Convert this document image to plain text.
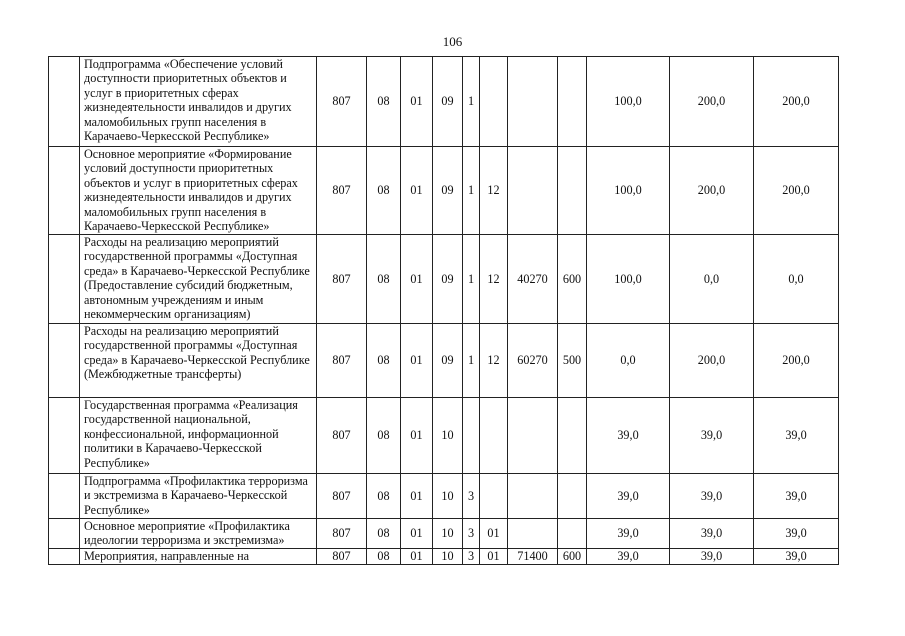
106
	Подпрограмма «Обеспечение условий доступности приоритетных объектов и услуг в приоритетных сферах жизнедеятельности инвалидов и других маломобильных групп населения в Карачаево-Черкесской Республике»	807	08	01	09	1				100,0	200,0	200,0
	Основное мероприятие «Формирование условий доступности приоритетных объектов и услуг в приоритетных сферах жизнедеятельности инвалидов и других маломобильных групп населения в Карачаево-Черкесской Республике»	807	08	01	09	1	12			100,0	200,0	200,0
	Расходы на реализацию мероприятий государственной программы «Доступная среда» в Карачаево-Черкесской Республике (Предоставление субсидий бюджетным, автономным учреждениям и иным некоммерческим организациям)	807	08	01	09	1	12	40270	600	100,0	0,0	0,0
	Расходы на реализацию мероприятий государственной программы «Доступная среда» в Карачаево-Черкесской Республике (Межбюджетные трансферты)	807	08	01	09	1	12	60270	500	0,0	200,0	200,0
	Государственная программа «Реализация государственной национальной, конфессиональной, информационной политики в Карачаево-Черкесской Республике»	807	08	01	10					39,0	39,0	39,0
	Подпрограмма «Профилактика терроризма и экстремизма в Карачаево-Черкесской Республике»	807	08	01	10	3				39,0	39,0	39,0
	Основное мероприятие «Профилактика идеологии терроризма и экстремизма»	807	08	01	10	3	01			39,0	39,0	39,0
	Мероприятия, направленные на	807	08	01	10	3	01	71400	600	39,0	39,0	39,0
